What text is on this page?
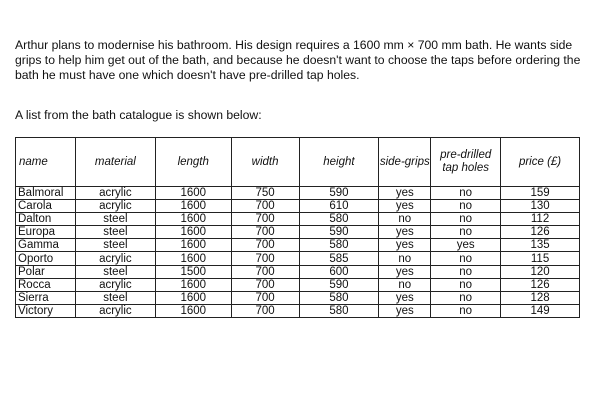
Arthur plans to modernise his bathroom. His design requires a 1600 mm × 700 mm bath. He wants side grips to help him get out of the bath, and because he doesn't want to choose the taps before ordering the bath he must have one which doesn't have pre-drilled tap holes.

A list from the bath catalogue is shown below:

name	material	length	width	height	side-grips	pre-drilled tap holes	price (£)
Balmoral	acrylic	1600	750	590	yes	no	159
Carola	acrylic	1600	700	610	yes	no	130
Dalton	steel	1600	700	580	no	no	112
Europa	steel	1600	700	590	yes	no	126
Gamma	steel	1600	700	580	yes	yes	135
Oporto	acrylic	1600	700	585	no	no	115
Polar	steel	1500	700	600	yes	no	120
Rocca	acrylic	1600	700	590	no	no	126
Sierra	steel	1600	700	580	yes	no	128
Victory	acrylic	1600	700	580	yes	no	149
